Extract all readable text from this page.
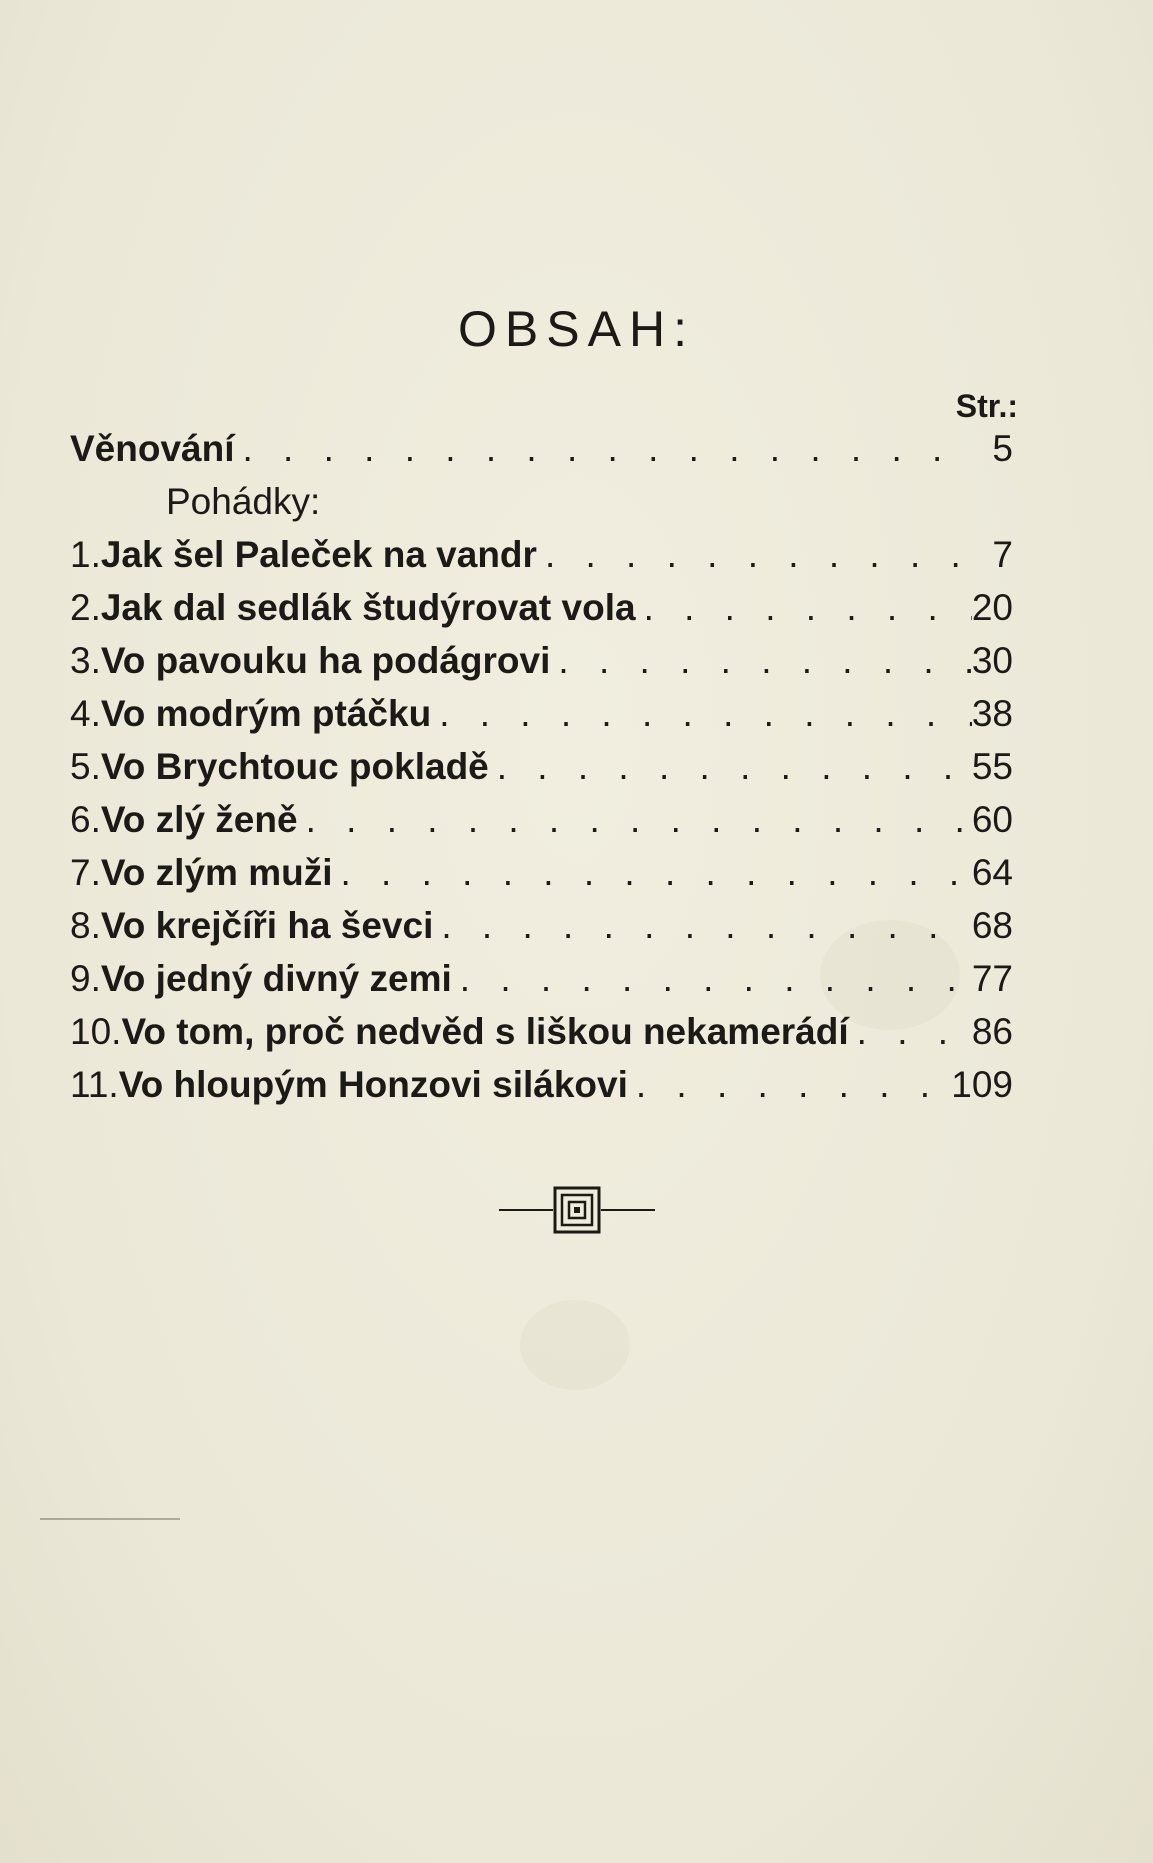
OBSAH:
Str.:
Věnování . . .	5
Pohádky:
1. Jak šel Paleček na vandr . . .	7
2. Jak dal sedlák študýrovat vola . . .	20
3. Vo pavouku ha podágrovi . . .	30
4. Vo modrým ptáčku . . .	38
5. Vo Brychtouc pokladě . . .	55
6. Vo zlý ženě . . .	60
7. Vo zlým muži . . .	64
8. Vo krejčíři ha ševci . . .	68
9. Vo jedný divný zemi . . .	77
10. Vo tom, proč nedvěd s liškou nekamerádí . . .	86
11. Vo hloupým Honzovi silákovi . . .	109
